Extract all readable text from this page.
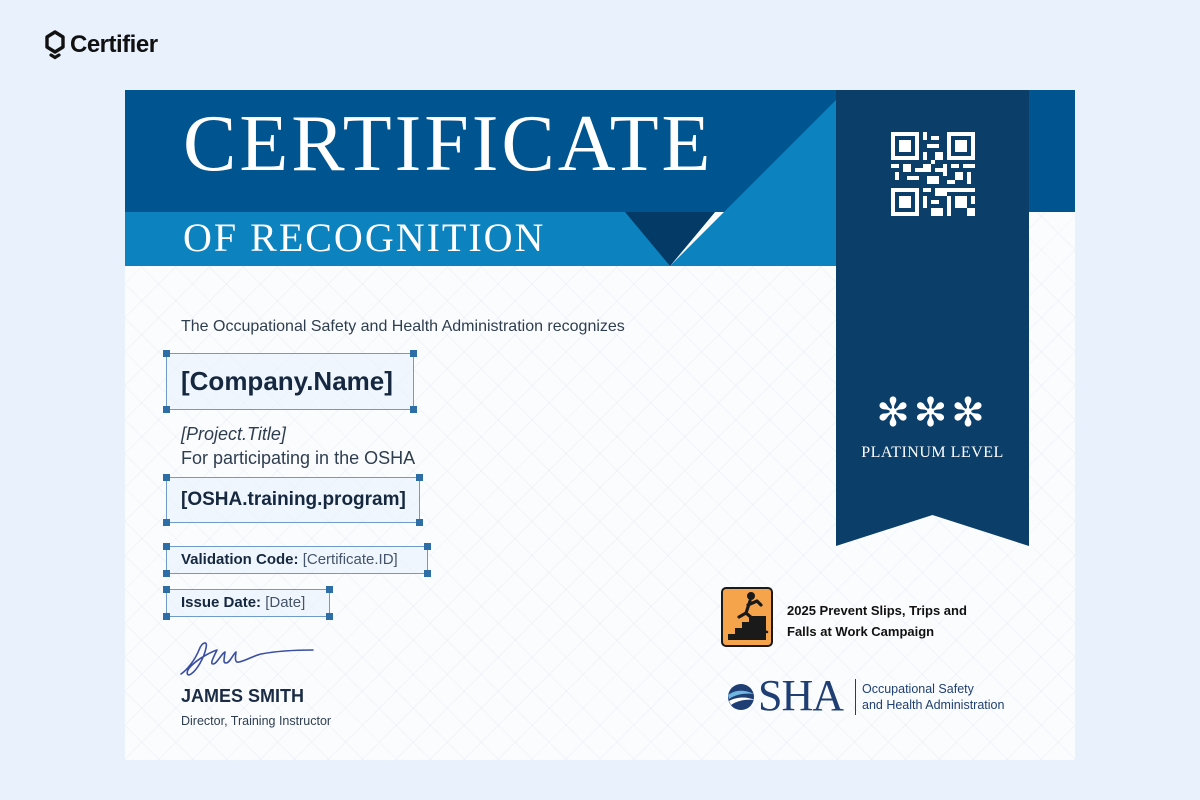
Certifier
CERTIFICATE
OF RECOGNITION
✻✻✻
PLATINUM LEVEL
The Occupational Safety and Health Administration recognizes
[Company.Name]
[Project.Title]
For participating in the OSHA
[OSHA.training.program]
Validation Code: [Certificate.ID]
Issue Date: [Date]
JAMES SMITH
Director, Training Instructor
2025 Prevent Slips, Trips and
Falls at Work Campaign
SHA Occupational Safety
and Health Administration
